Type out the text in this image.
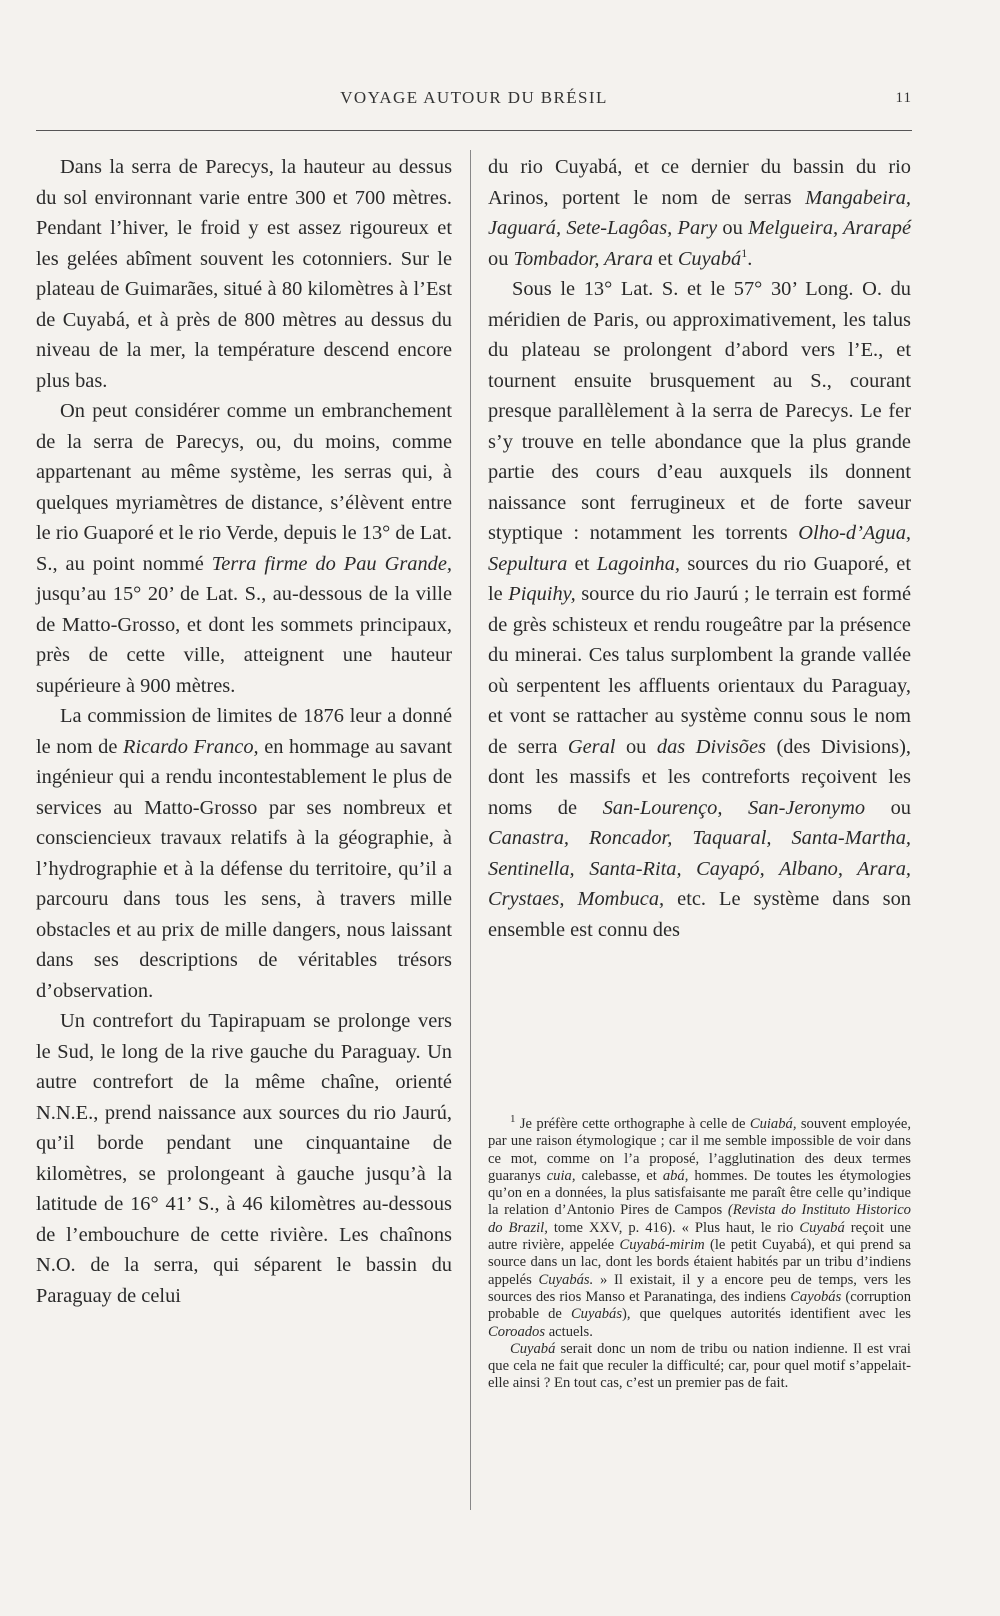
VOYAGE AUTOUR DU BRÉSIL	11

Dans la serra de Parecys, la hauteur au dessus du sol environnant varie entre 300 et 700 mètres. Pendant l’hiver, le froid y est assez rigoureux et les gelées abîment souvent les cotonniers. Sur le plateau de Guimarães, situé à 80 kilomètres à l’Est de Cuyabá, et à près de 800 mètres au dessus du niveau de la mer, la température descend encore plus bas.

On peut considérer comme un embranchement de la serra de Parecys, ou, du moins, comme appartenant au même système, les serras qui, à quelques myriamètres de distance, s’élèvent entre le rio Guaporé et le rio Verde, depuis le 13° de Lat. S., au point nommé Terra firme do Pau Grande, jusqu’au 15° 20’ de Lat. S., au-dessous de la ville de Matto-Grosso, et dont les sommets principaux, près de cette ville, atteignent une hauteur supérieure à 900 mètres.

La commission de limites de 1876 leur a donné le nom de Ricardo Franco, en hommage au savant ingénieur qui a rendu incontestablement le plus de services au Matto-Grosso par ses nombreux et consciencieux travaux relatifs à la géographie, à l’hydrographie et à la défense du territoire, qu’il a parcouru dans tous les sens, à travers mille obstacles et au prix de mille dangers, nous laissant dans ses descriptions de véritables trésors d’observation.

Un contrefort du Tapirapuam se prolonge vers le Sud, le long de la rive gauche du Paraguay. Un autre contrefort de la même chaîne, orienté N.N.E., prend naissance aux sources du rio Jaurú, qu’il borde pendant une cinquantaine de kilomètres, se prolongeant à gauche jusqu’à la latitude de 16° 41’ S., à 46 kilomètres au-dessous de l’embouchure de cette rivière. Les chaînons N.O. de la serra, qui séparent le bassin du Paraguay de celui

du rio Cuyabá, et ce dernier du bassin du rio Arinos, portent le nom de serras Mangabeira, Jaguará, Sete-Lagôas, Pary ou Melgueira, Ararapé ou Tombador, Arara et Cuyabá$^1$.

Sous le 13° Lat. S. et le 57° 30’ Long. O. du méridien de Paris, ou approximativement, les talus du plateau se prolongent d’abord vers l’E., et tournent ensuite brusquement au S., courant presque parallèlement à la serra de Parecys. Le fer s’y trouve en telle abondance que la plus grande partie des cours d’eau auxquels ils donnent naissance sont ferrugineux et de forte saveur styptique : notamment les torrents Olho-d’Agua, Sepultura et Lagoinha, sources du rio Guaporé, et le Piquihy, source du rio Jaurú ; le terrain est formé de grès schisteux et rendu rougeâtre par la présence du minerai. Ces talus surplombent la grande vallée où serpentent les affluents orientaux du Paraguay, et vont se rattacher au système connu sous le nom de serra Geral ou das Divisões (des Divisions), dont les massifs et les contreforts reçoivent les noms de San-Lourenço, San-Jeronymo ou Canastra, Roncador, Taquaral, Santa-Martha, Sentinella, Santa-Rita, Cayapó, Albano, Arara, Crystaes, Mombuca, etc. Le système dans son ensemble est connu des

$^1$ Je préfère cette orthographe à celle de Cuiabá, souvent employée, par une raison étymologique ; car il me semble impossible de voir dans ce mot, comme on l’a proposé, l’agglutination des deux termes guaranys cuia, calebasse, et abá, hommes. De toutes les étymologies qu’on en a données, la plus satisfaisante me paraît être celle qu’indique la relation d’Antonio Pires de Campos (Revista do Instituto Historico do Brazil, tome XXV, p. 416). « Plus haut, le rio Cuyabá reçoit une autre rivière, appelée Cuyabá-mirim (le petit Cuyabá), et qui prend sa source dans un lac, dont les bords étaient habités par un tribu d’indiens appelés Cuyabás. » Il existait, il y a encore peu de temps, vers les sources des rios Manso et Paranatinga, des indiens Cayobás (corruption probable de Cuyabás), que quelques autorités identifient avec les Coroados actuels.

Cuyabá serait donc un nom de tribu ou nation indienne. Il est vrai que cela ne fait que reculer la difficulté; car, pour quel motif s’appelait-elle ainsi ? En tout cas, c’est un premier pas de fait.
